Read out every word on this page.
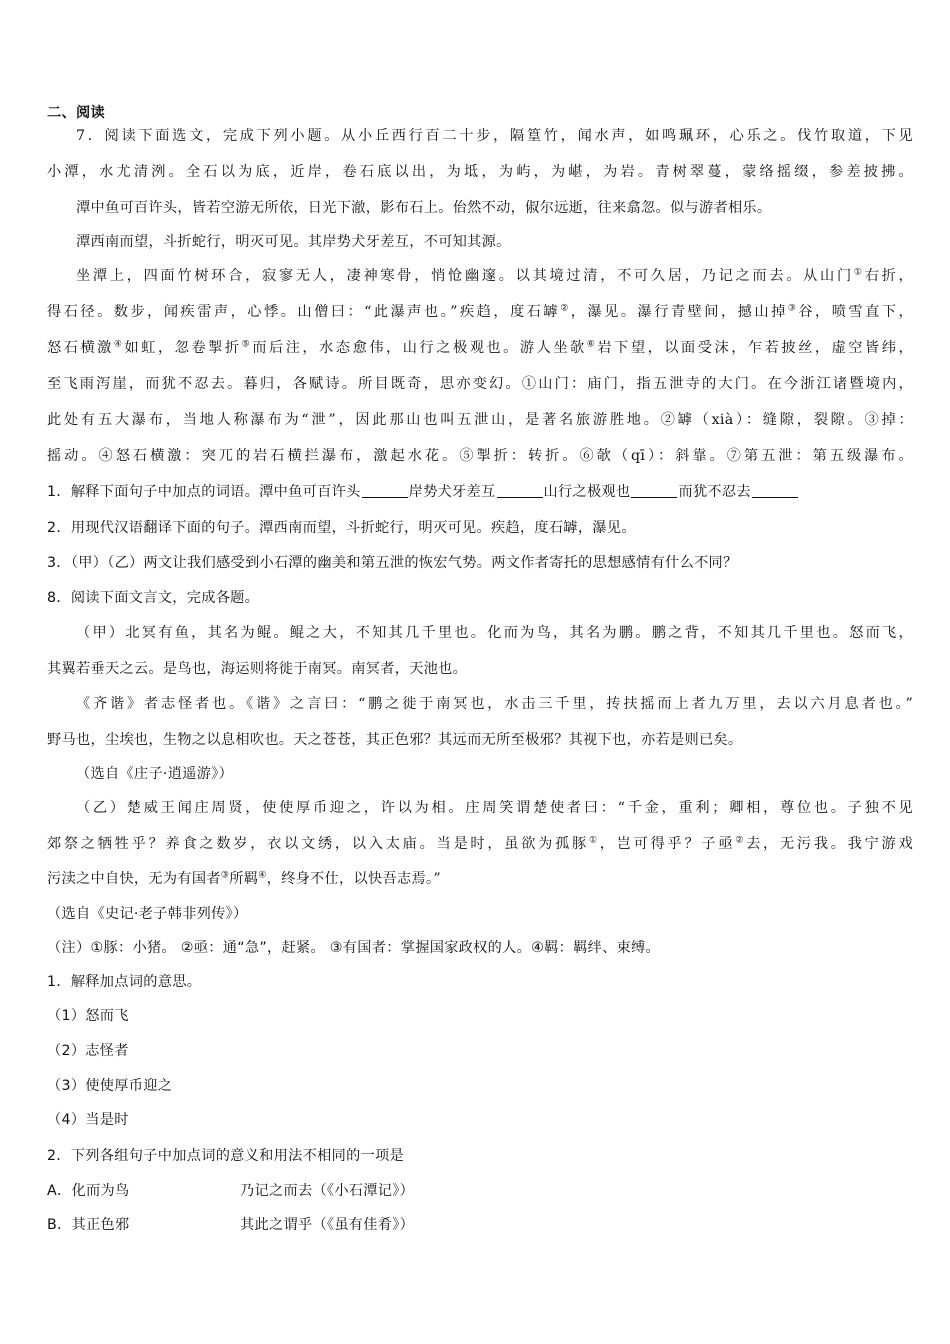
二、阅读
7．阅读下面选文，完成下列小题。从小丘西行百二十步，隔篁竹，闻水声，如鸣珮环，心乐之。伐竹取道，下见
小潭，水尤清洌。全石以为底，近岸，卷石底以出，为坻，为屿，为嵁，为岩。青树翠蔓，蒙络摇缀，参差披拂。
潭中鱼可百许头，皆若空游无所依，日光下澈，影布石上。佁然不动，俶尔远逝，往来翕忽。似与游者相乐。
潭西南而望，斗折蛇行，明灭可见。其岸势犬牙差互，不可知其源。
坐潭上，四面竹树环合，寂寥无人，凄神寒骨，悄怆幽邃。以其境过清，不可久居，乃记之而去。从山门①右折，
得石径。数步，闻疾雷声，心悸。山僧曰：“此瀑声也。”疾趋，度石罅②，瀑见。瀑行青壁间，撼山掉③谷，喷雪直下，
怒石横激④如虹，忽卷掣折⑤而后注，水态愈伟，山行之极观也。游人坐欹⑥岩下望，以面受沫，乍若披丝，虚空皆纬，
至飞雨泻崖，而犹不忍去。暮归，各赋诗。所目既奇，思亦变幻。①山门：庙门，指五泄寺的大门。在今浙江诸暨境内，
此处有五大瀑布，当地人称瀑布为“泄”，因此那山也叫五泄山，是著名旅游胜地。②罅（xià）：缝隙，裂隙。③掉：
摇动。④怒石横激：突兀的岩石横拦瀑布，激起水花。⑤掣折：转折。⑥欹（qī）：斜靠。⑦第五泄：第五级瀑布。
1．解释下面句子中加点的词语。潭中鱼可百许头	岸势犬牙差互	山行之极观也	而犹不忍去
2．用现代汉语翻译下面的句子。潭西南而望，斗折蛇行，明灭可见。疾趋，度石罅，瀑见。
3．（甲）（乙）两文让我们感受到小石潭的幽美和第五泄的恢宏气势。两文作者寄托的思想感情有什么不同？
8．阅读下面文言文，完成各题。
（甲）北冥有鱼，其名为鲲。鲲之大，不知其几千里也。化而为鸟，其名为鹏。鹏之背，不知其几千里也。怒而飞，
其翼若垂天之云。是鸟也，海运则将徙于南冥。南冥者，天池也。
《齐谐》者志怪者也。《谐》之言曰：“鹏之徙于南冥也，水击三千里，抟扶摇而上者九万里，去以六月息者也。”
野马也，尘埃也，生物之以息相吹也。天之苍苍，其正色邪？其远而无所至极邪？其视下也，亦若是则已矣。
（选自《庄子·逍遥游》）
（乙）楚威王闻庄周贤，使使厚币迎之，许以为相。庄周笑谓楚使者曰：“千金，重利；卿相，尊位也。子独不见
郊祭之牺牲乎？养食之数岁，衣以文绣，以入太庙。当是时，虽欲为孤豚①，岂可得乎？子亟②去，无污我。我宁游戏
污渎之中自快，无为有国者③所羁④，终身不仕，以快吾志焉。”
（选自《史记·老子韩非列传》）
（注）①豚：小猪。 ②亟：通“急”，赶紧。 ③有国者：掌握国家政权的人。④羁：羁绊、束缚。
1．解释加点词的意思。
（1）怒而飞
（2）志怪者
（3）使使厚币迎之
（4）当是时
2．下列各组句子中加点词的意义和用法不相同的一项是
A．化而为鸟	乃记之而去（《小石潭记》）
B．其正色邪	其此之谓乎（《虽有佳肴》）
